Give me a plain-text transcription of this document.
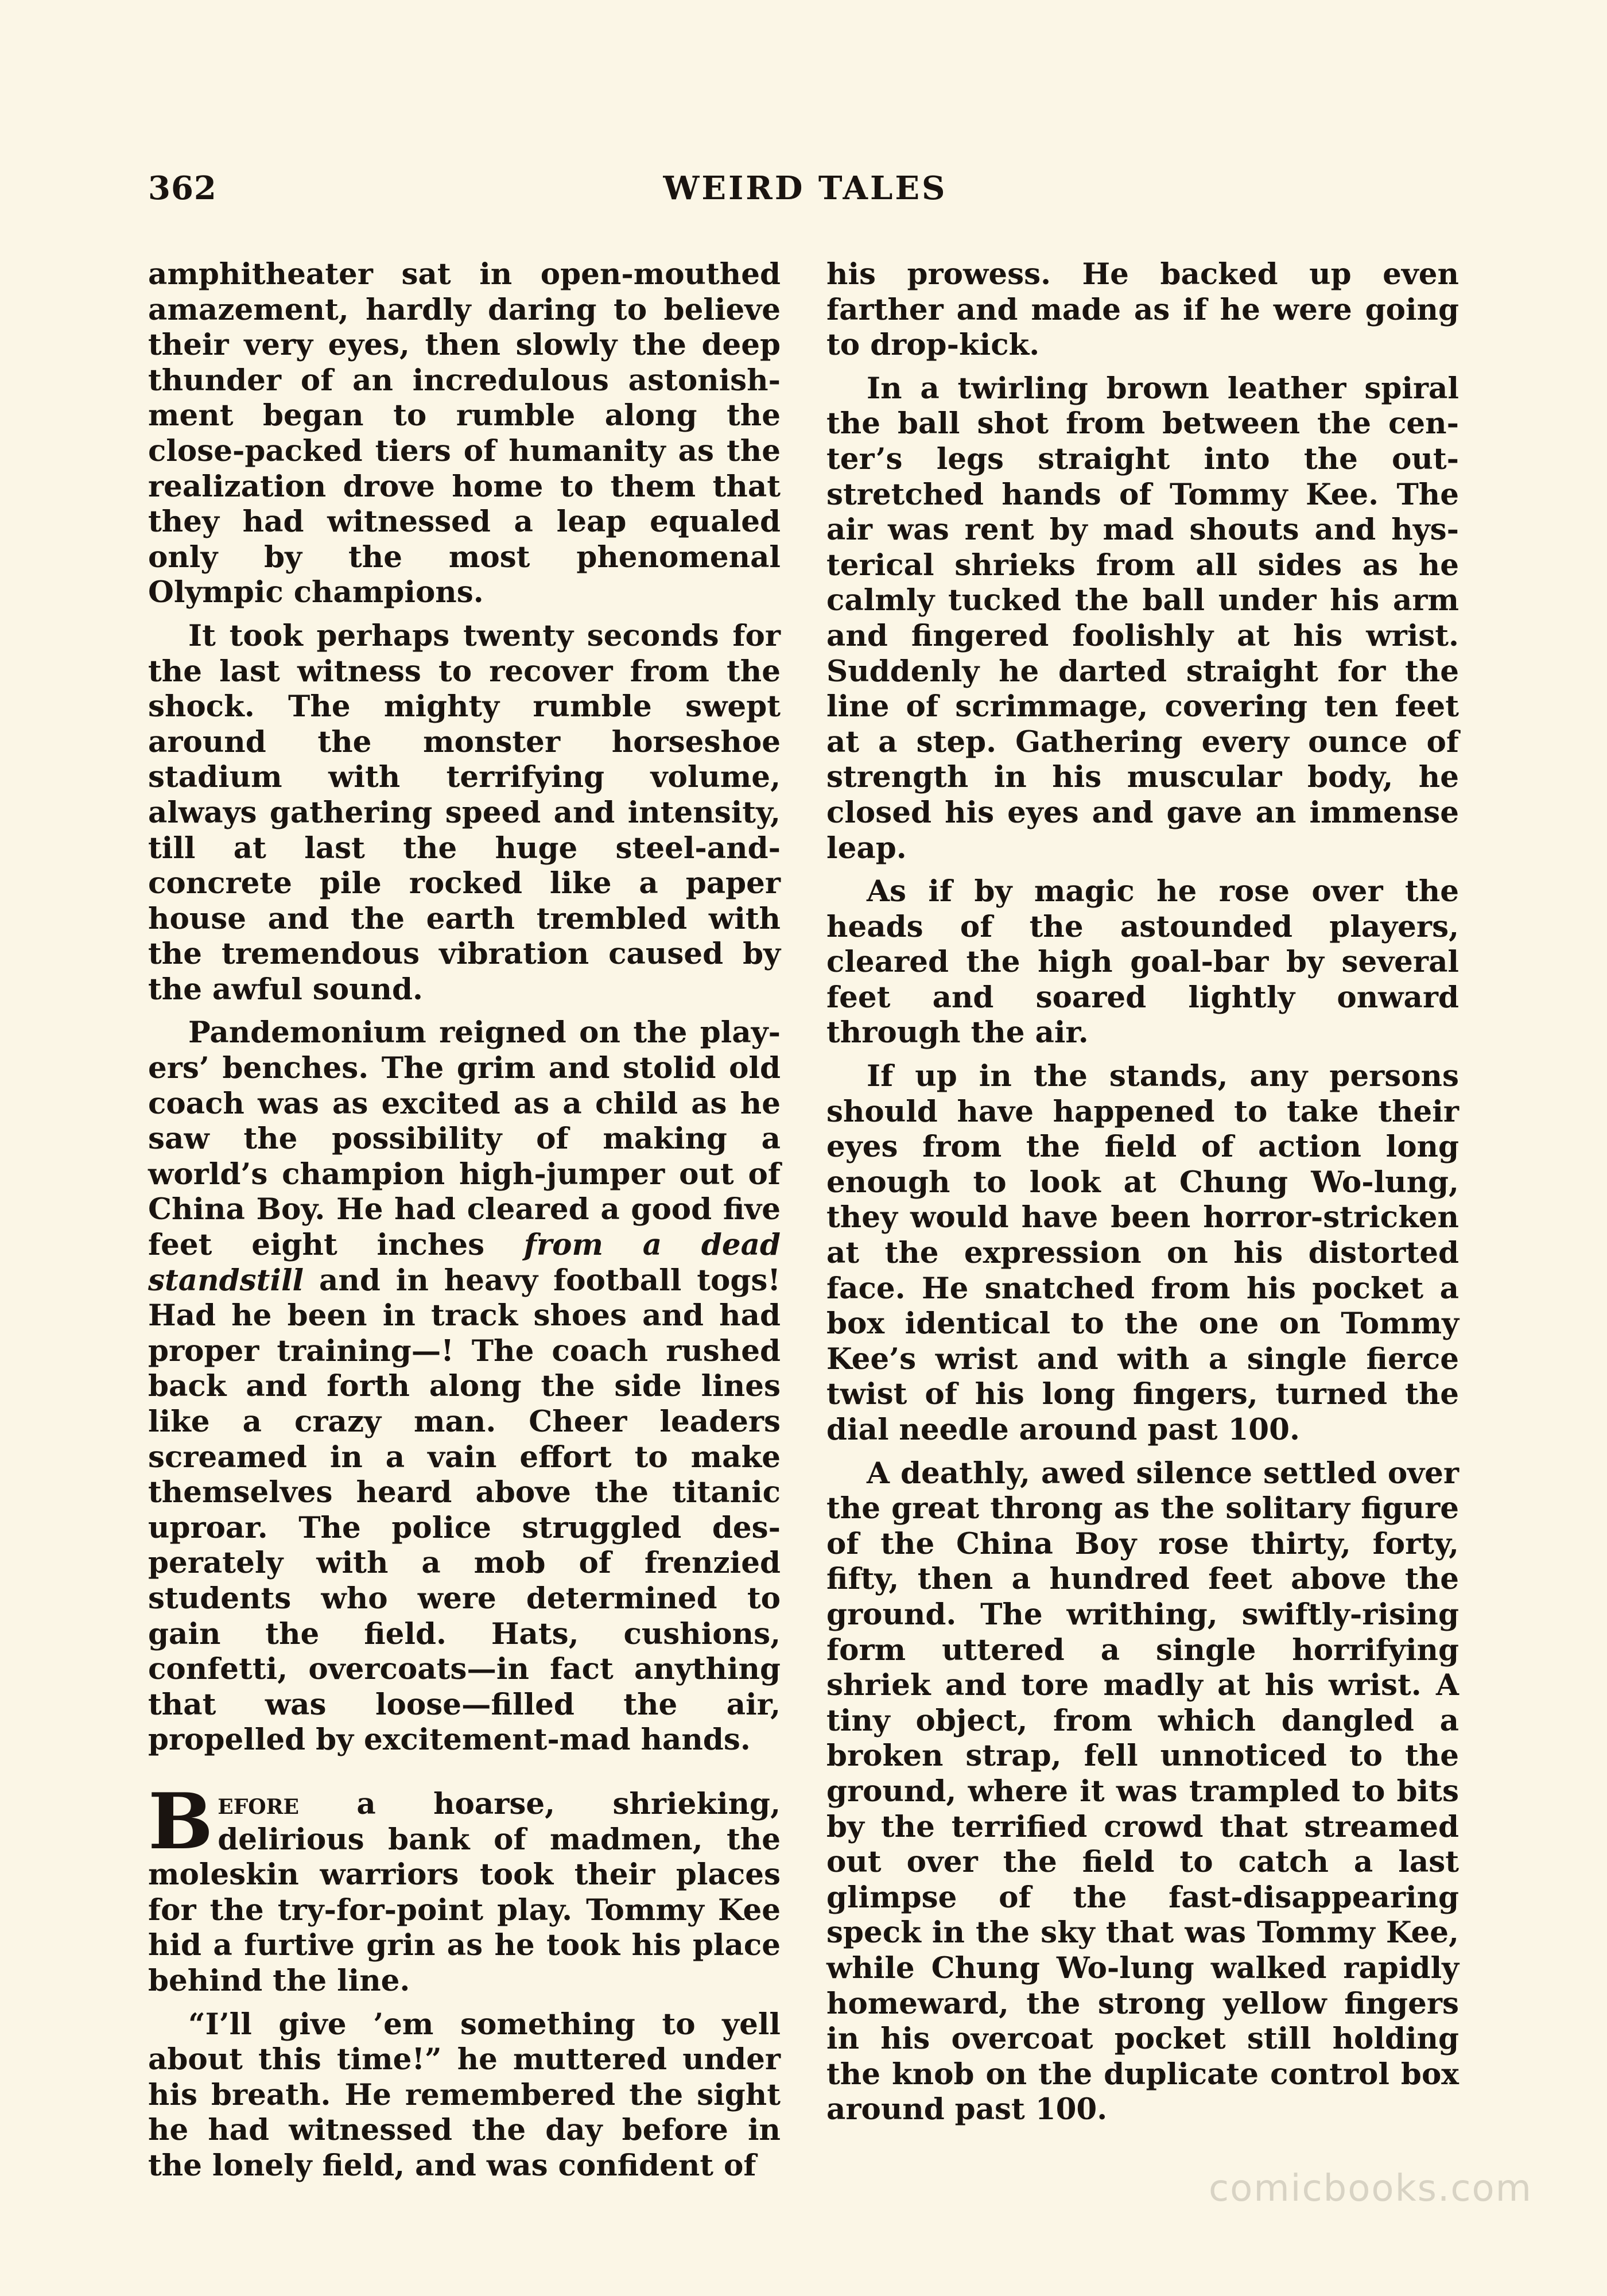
362	WEIRD TALES

amphitheater sat in open-mouthed amazement, hardly daring to believe their very eyes, then slowly the deep thunder of an incredulous astonishment began to rumble along the close-packed tiers of humanity as the realization drove home to them that they had witnessed a leap equaled only by the most phenomenal Olympic champions.

It took perhaps twenty seconds for the last witness to recover from the shock. The mighty rumble swept around the monster horseshoe stadium with terrifying volume, always gathering speed and intensity, till at last the huge steel-and-concrete pile rocked like a paper house and the earth trembled with the tremendous vibration caused by the awful sound.

Pandemonium reigned on the players’ benches. The grim and stolid old coach was as excited as a child as he saw the possibility of making a world’s champion high-jumper out of China Boy. He had cleared a good five feet eight inches from a dead standstill and in heavy football togs! Had he been in track shoes and had proper training—! The coach rushed back and forth along the side lines like a crazy man. Cheer leaders screamed in a vain effort to make themselves heard above the titanic uproar. The police struggled desperately with a mob of frenzied students who were determined to gain the field. Hats, cushions, confetti, overcoats—in fact anything that was loose—filled the air, propelled by excitement-mad hands.

Before a hoarse, shrieking, delirious bank of madmen, the moleskin warriors took their places for the try-for-point play. Tommy Kee hid a furtive grin as he took his place behind the line.

“I’ll give ’em something to yell about this time!” he muttered under his breath. He remembered the sight he had witnessed the day before in the lonely field, and was confident of

his prowess. He backed up even farther and made as if he were going to drop-kick.

In a twirling brown leather spiral the ball shot from between the center’s legs straight into the outstretched hands of Tommy Kee. The air was rent by mad shouts and hysterical shrieks from all sides as he calmly tucked the ball under his arm and fingered foolishly at his wrist. Suddenly he darted straight for the line of scrimmage, covering ten feet at a step. Gathering every ounce of strength in his muscular body, he closed his eyes and gave an immense leap.

As if by magic he rose over the heads of the astounded players, cleared the high goal-bar by several feet and soared lightly onward through the air.

If up in the stands, any persons should have happened to take their eyes from the field of action long enough to look at Chung Wo-lung, they would have been horror-stricken at the expression on his distorted face. He snatched from his pocket a box identical to the one on Tommy Kee’s wrist and with a single fierce twist of his long fingers, turned the dial needle around past 100.

A deathly, awed silence settled over the great throng as the solitary figure of the China Boy rose thirty, forty, fifty, then a hundred feet above the ground. The writhing, swiftly-rising form uttered a single horrifying shriek and tore madly at his wrist. A tiny object, from which dangled a broken strap, fell unnoticed to the ground, where it was trampled to bits by the terrified crowd that streamed out over the field to catch a last glimpse of the fast-disappearing speck in the sky that was Tommy Kee, while Chung Wo-lung walked rapidly homeward, the strong yellow fingers in his overcoat pocket still holding the knob on the duplicate control box around past 100.

comicbooks.com
